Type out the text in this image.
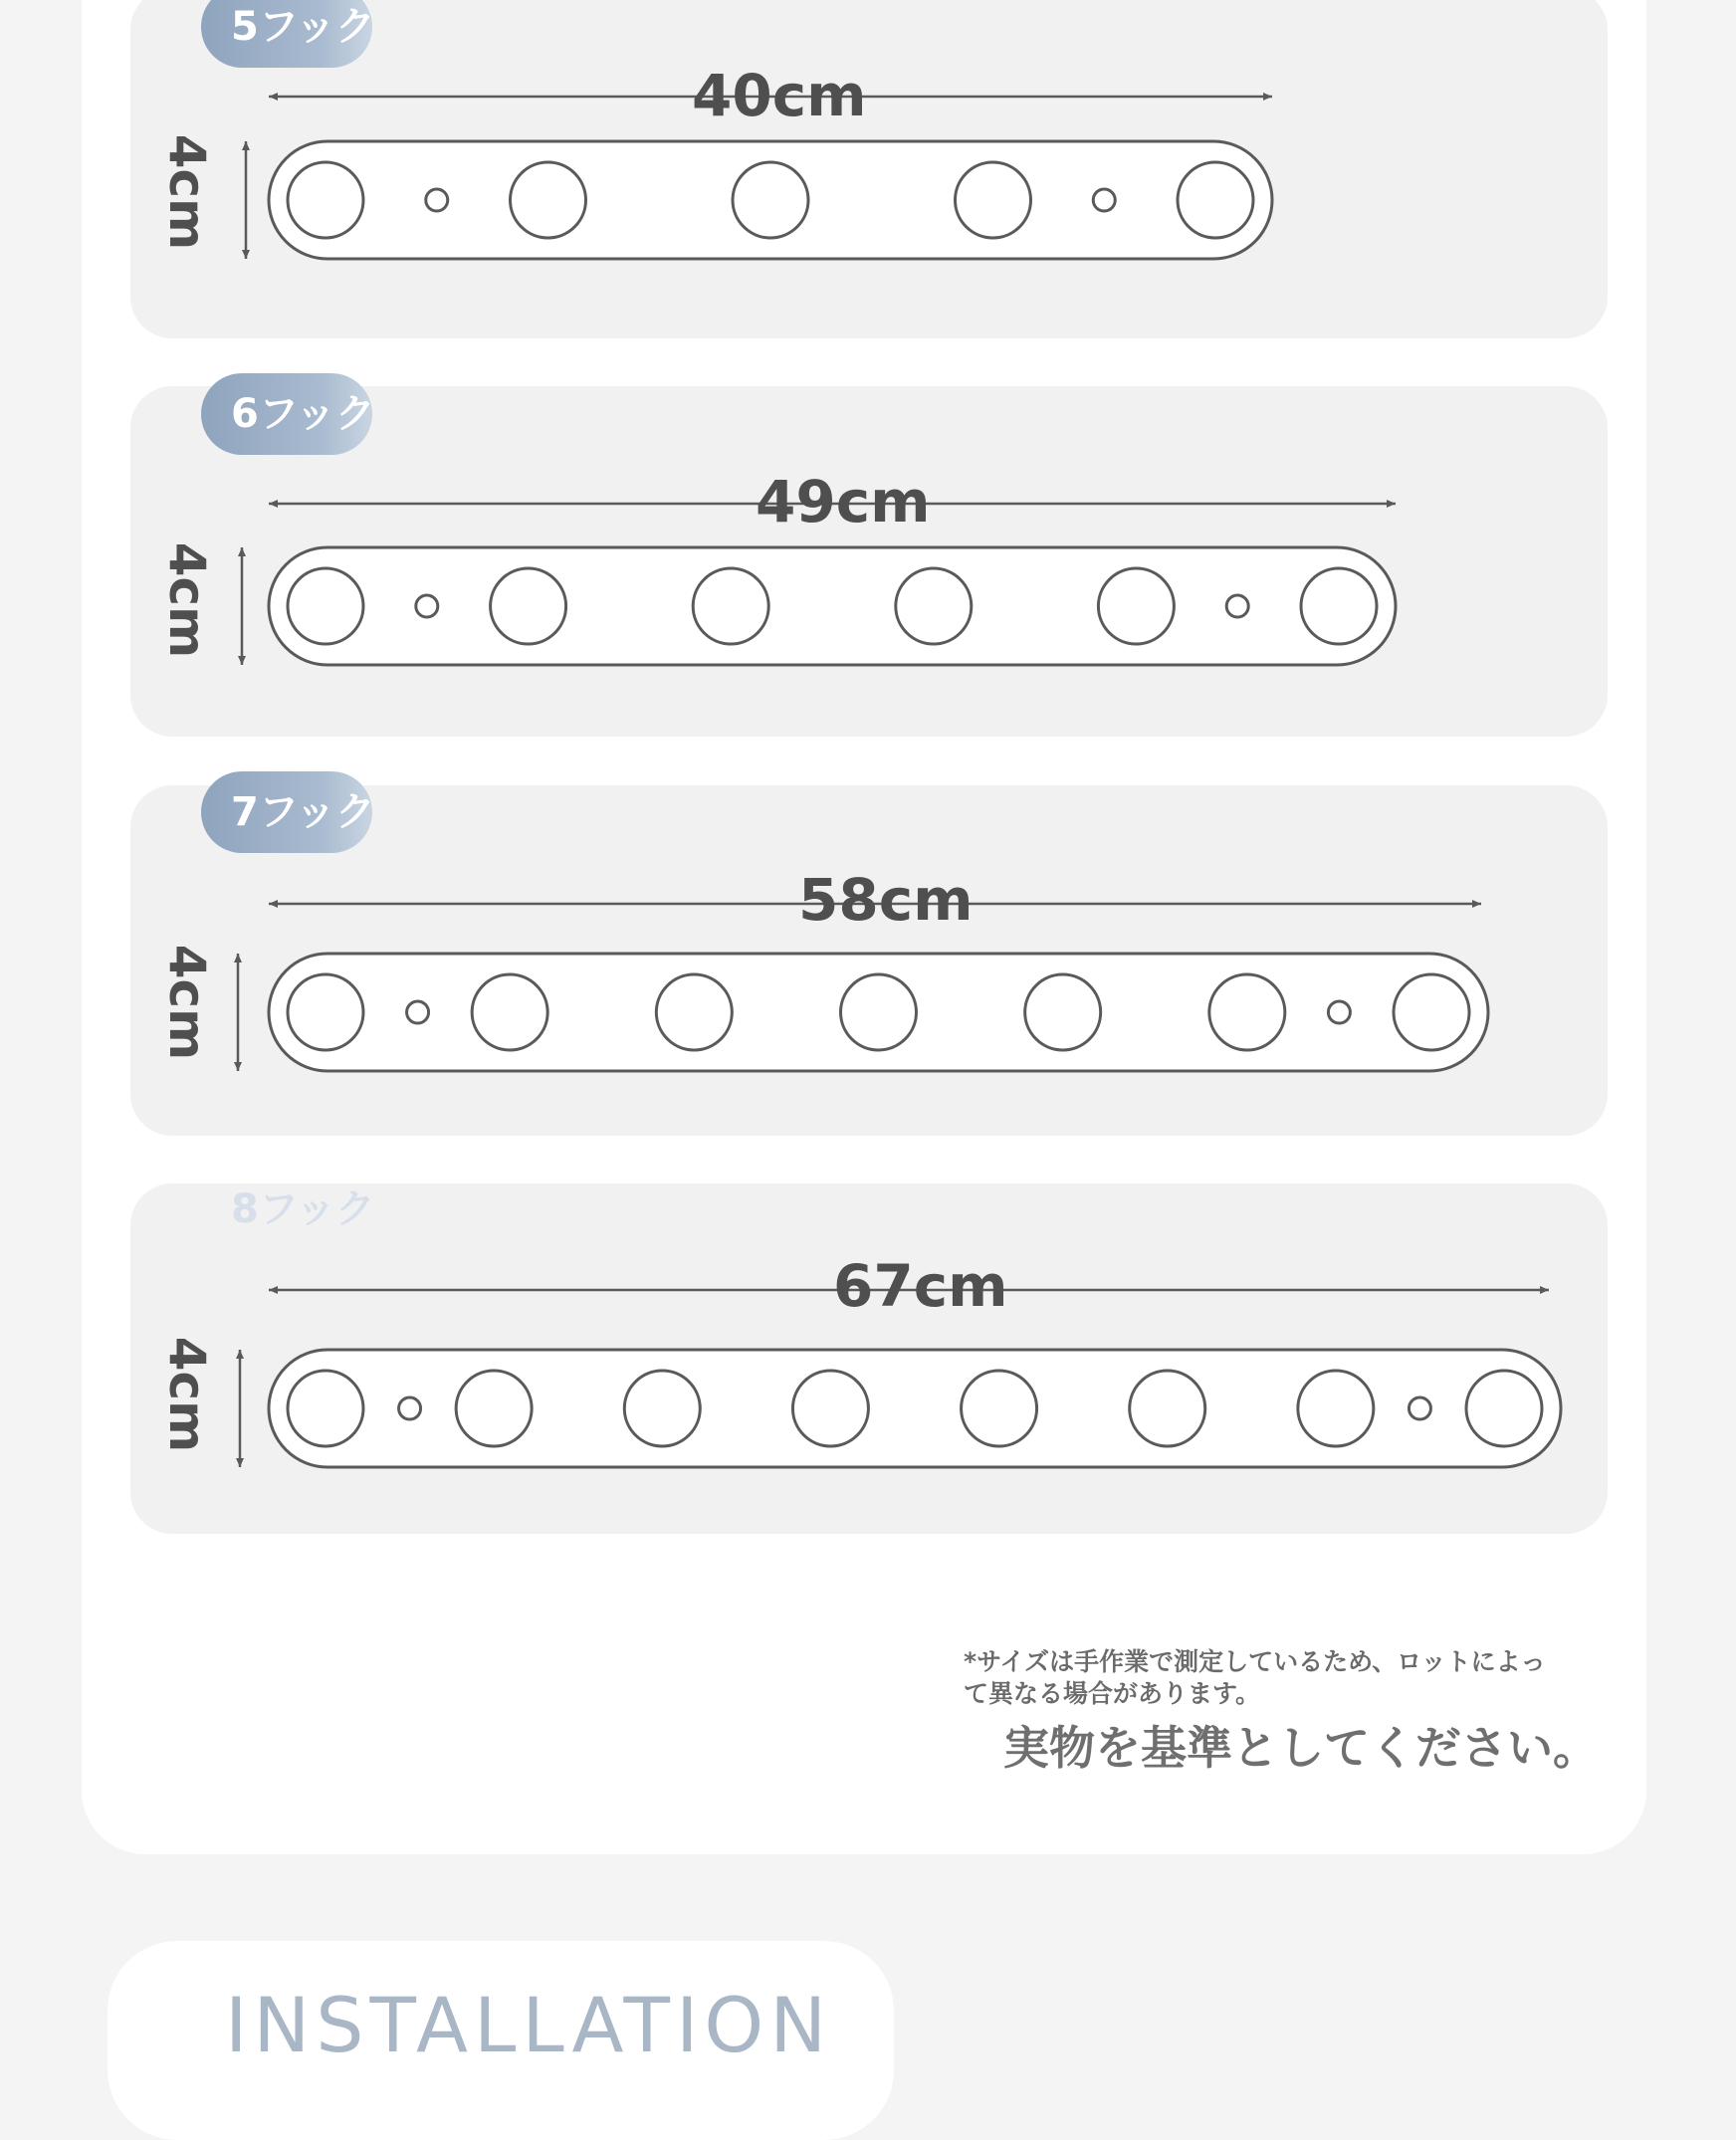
5フック
6フック
7フック
8フック
40cm
49cm
58cm
67cm
4cm
4cm
4cm
4cm
*サイズは手作業で測定しているため、ロットによって異なる場合があります。
実物を基準としてください。
INSTALLATION
